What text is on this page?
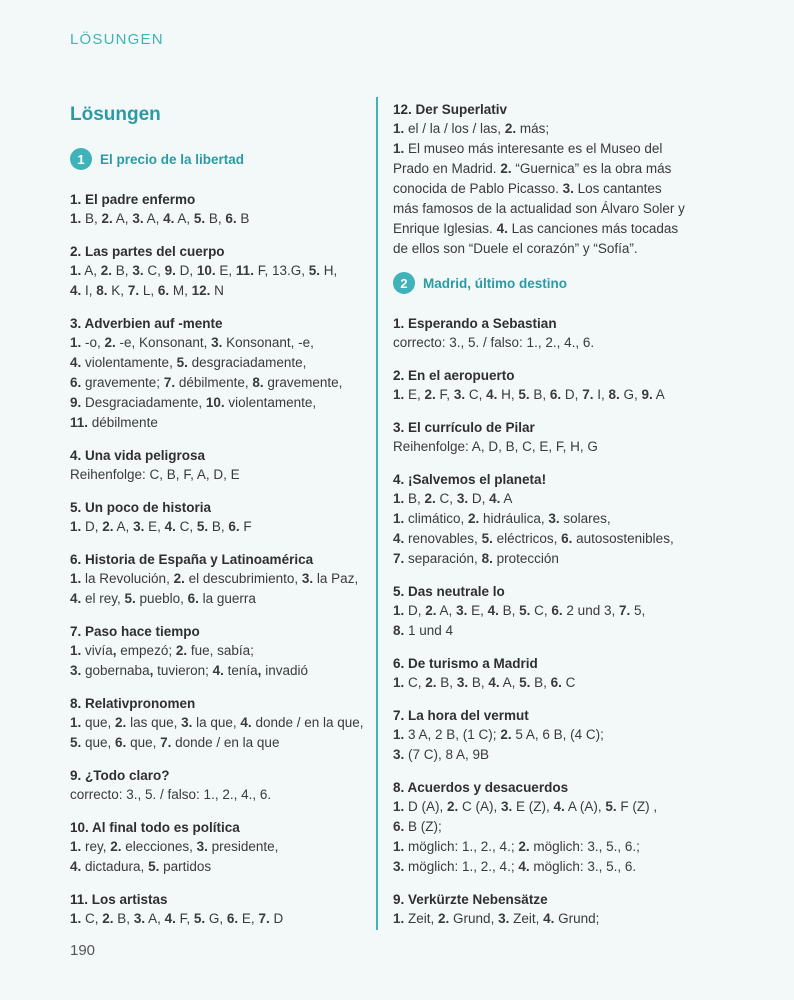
LÖSUNGEN
Lösungen
1	El precio de la libertad
1. El padre enfermo
1. B, 2. A, 3. A, 4. A, 5. B, 6. B
2. Las partes del cuerpo
1. A, 2. B, 3. C, 9. D, 10. E, 11. F, 13.G, 5. H,
4. I, 8. K, 7. L, 6. M, 12. N
3. Adverbien auf -mente
1. -o, 2. -e, Konsonant, 3. Konsonant, -e,
4. violentamente, 5. desgraciadamente,
6. gravemente; 7. débilmente, 8. gravemente,
9. Desgraciadamente, 10. violentamente,
11. débilmente
4. Una vida peligrosa
Reihenfolge: C, B, F, A, D, E
5. Un poco de historia
1. D, 2. A, 3. E, 4. C, 5. B, 6. F
6. Historia de España y Latinoamérica
1. la Revolución, 2. el descubrimiento, 3. la Paz,
4. el rey, 5. pueblo, 6. la guerra
7. Paso hace tiempo
1. vivía, empezó; 2. fue, sabía;
3. gobernaba, tuvieron; 4. tenía, invadió
8. Relativpronomen
1. que, 2. las que, 3. la que, 4. donde / en la que,
5. que, 6. que, 7. donde / en la que
9. ¿Todo claro?
correcto: 3., 5. / falso: 1., 2., 4., 6.
10. Al final todo es política
1. rey, 2. elecciones, 3. presidente,
4. dictadura, 5. partidos
11. Los artistas
1. C, 2. B, 3. A, 4. F, 5. G, 6. E, 7. D
12. Der Superlativ
1. el / la / los / las, 2. más;
1. El museo más interesante es el Museo del
Prado en Madrid. 2. “Guernica” es la obra más
conocida de Pablo Picasso. 3. Los cantantes
más famosos de la actualidad son Álvaro Soler y
Enrique Iglesias. 4. Las canciones más tocadas
de ellos son “Duele el corazón” y “Sofía”.
2	Madrid, último destino
1. Esperando a Sebastian
correcto: 3., 5. / falso: 1., 2., 4., 6.
2. En el aeropuerto
1. E, 2. F, 3. C, 4. H, 5. B, 6. D, 7. I, 8. G, 9. A
3. El currículo de Pilar
Reihenfolge: A, D, B, C, E, F, H, G
4. ¡Salvemos el planeta!
1. B, 2. C, 3. D, 4. A
1. climático, 2. hidráulica, 3. solares,
4. renovables, 5. eléctricos, 6. autosostenibles,
7. separación, 8. protección
5. Das neutrale lo
1. D, 2. A, 3. E, 4. B, 5. C, 6. 2 und 3, 7. 5,
8. 1 und 4
6. De turismo a Madrid
1. C, 2. B, 3. B, 4. A, 5. B, 6. C
7. La hora del vermut
1. 3 A, 2 B, (1 C); 2. 5 A, 6 B, (4 C);
3. (7 C), 8 A, 9B
8. Acuerdos y desacuerdos
1. D (A), 2. C (A), 3. E (Z), 4. A (A), 5. F (Z) ,
6. B (Z);
1. möglich: 1., 2., 4.; 2. möglich: 3., 5., 6.;
3. möglich: 1., 2., 4.; 4. möglich: 3., 5., 6.
9. Verkürzte Nebensätze
1. Zeit, 2. Grund, 3. Zeit, 4. Grund;
190
